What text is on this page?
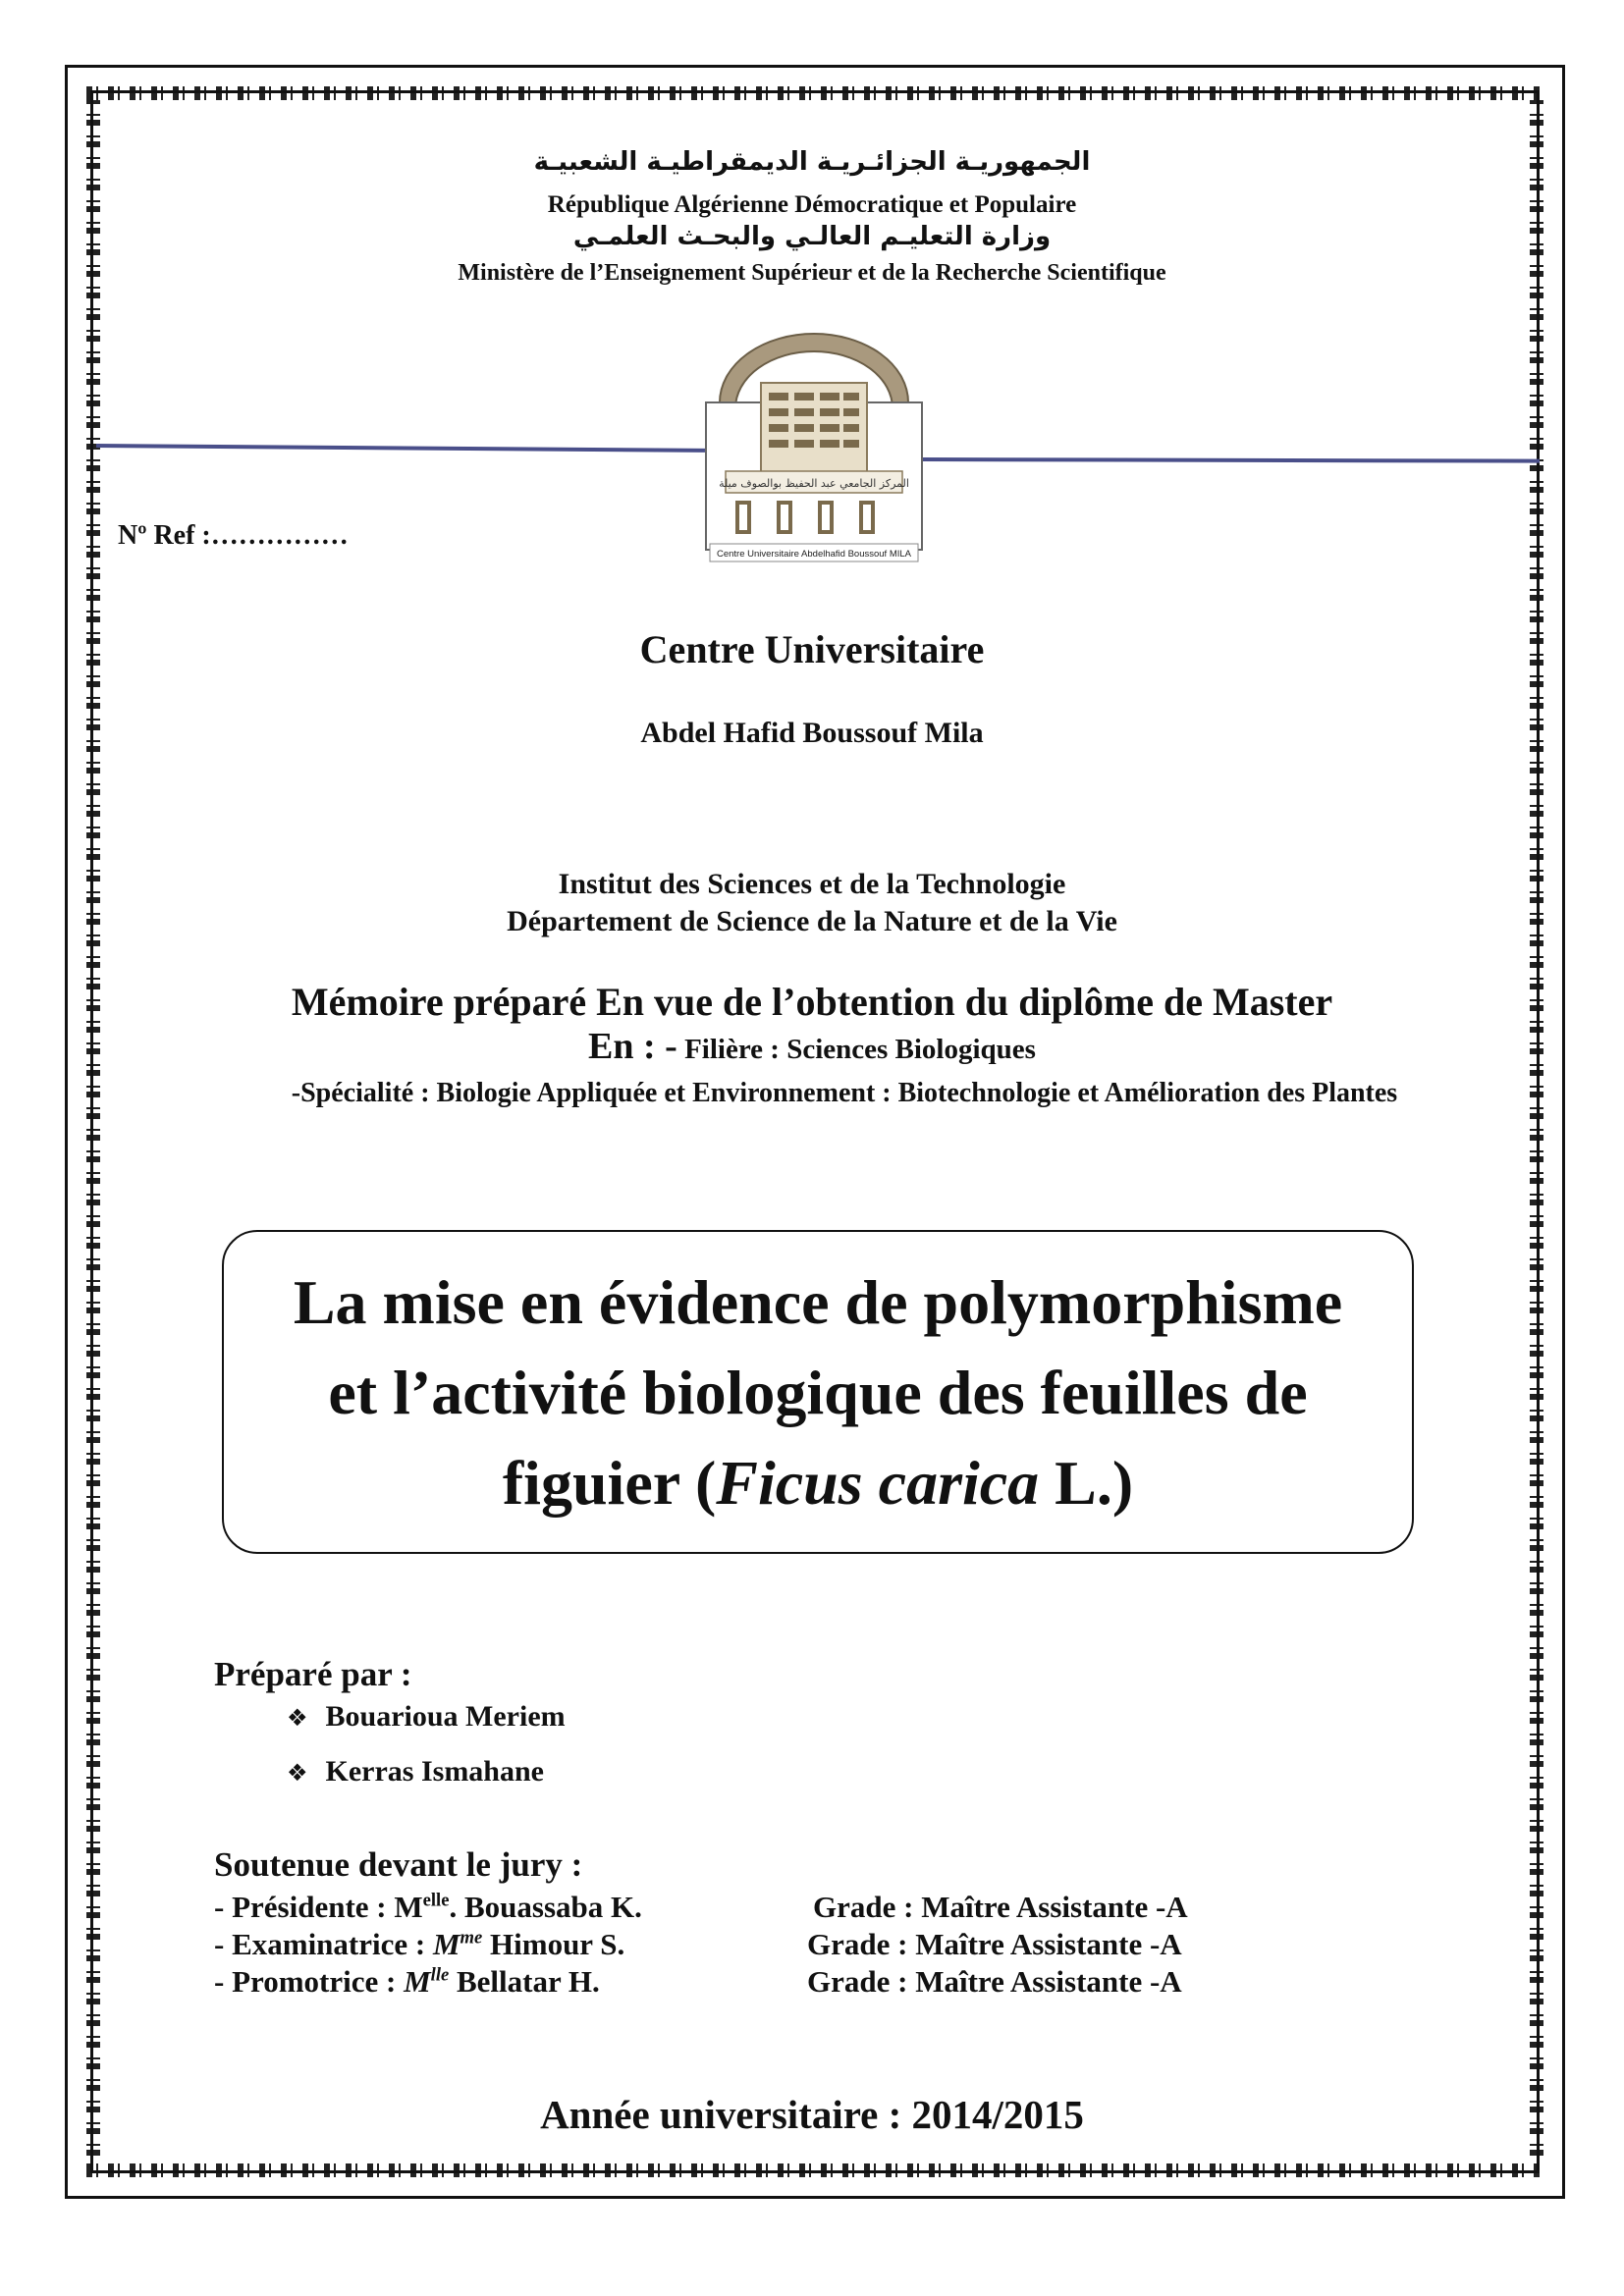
الجمهوريـة الجزائـريـة الديمقراطيـة الشعبيـة
République Algérienne Démocratique et Populaire
وزارة التعليـم العالـي والبحـث العلمـي
Ministère de l’Enseignement Supérieur et de la Recherche Scientifique
المركز الجامعي عبد الحفيظ بوالصوف ميلة
Centre Universitaire Abdelhafid Boussouf MILA
Nº Ref :……………
Centre Universitaire
Abdel Hafid Boussouf Mila
Institut des Sciences et de la Technologie
Département de Science de la Nature et de la Vie
Mémoire préparé En vue de l’obtention du diplôme de Master
En : - Filière : Sciences Biologiques
-Spécialité : Biologie Appliquée et Environnement : Biotechnologie et Amélioration des Plantes
La mise en évidence de polymorphisme
et l’activité biologique des feuilles de
figuier (Ficus carica L.)
Préparé par :
❖ Bouarioua Meriem
❖ Kerras Ismahane
Soutenue devant le jury :
- Présidente : $M^{elle}$. Bouassaba K.	Grade : Maître Assistante -A
- Examinatrice : $M^{me}$ Himour S.	Grade : Maître Assistante -A
- Promotrice : $M^{lle}$ Bellatar H.	Grade : Maître Assistante -A
Année universitaire : 2014/2015
